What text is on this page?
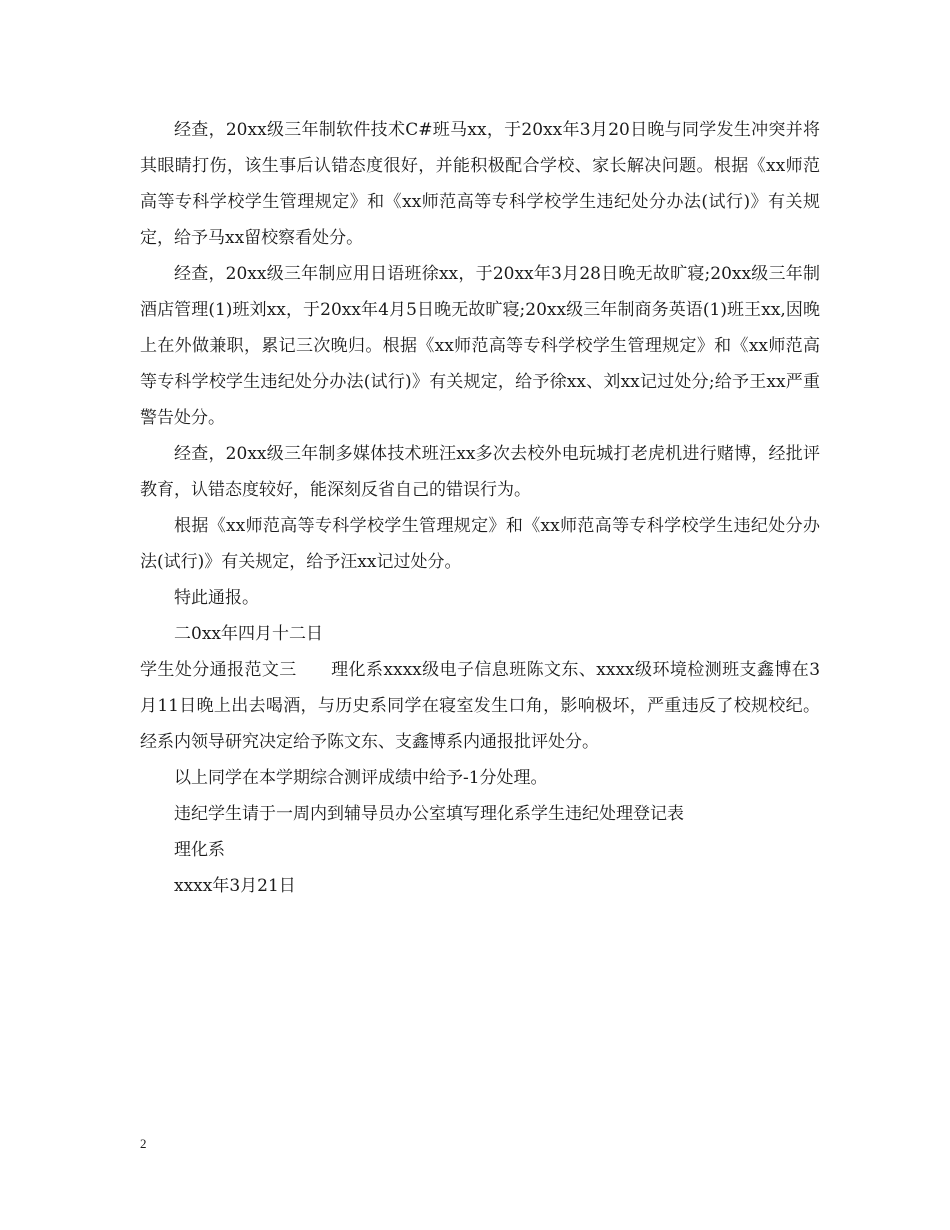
经查，20xx级三年制软件技术C#班马xx，于20xx年3月20日晚与同学发生冲突并将其眼睛打伤，该生事后认错态度很好，并能积极配合学校、家长解决问题。根据《xx师范高等专科学校学生管理规定》和《xx师范高等专科学校学生违纪处分办法(试行)》有关规定，给予马xx留校察看处分。

经查，20xx级三年制应用日语班徐xx，于20xx年3月28日晚无故旷寝;20xx级三年制酒店管理(1)班刘xx，于20xx年4月5日晚无故旷寝;20xx级三年制商务英语(1)班王xx,因晚上在外做兼职，累记三次晚归。根据《xx师范高等专科学校学生管理规定》和《xx师范高等专科学校学生违纪处分办法(试行)》有关规定，给予徐xx、刘xx记过处分;给予王xx严重警告处分。

经查，20xx级三年制多媒体技术班汪xx多次去校外电玩城打老虎机进行赌博，经批评教育，认错态度较好，能深刻反省自己的错误行为。

根据《xx师范高等专科学校学生管理规定》和《xx师范高等专科学校学生违纪处分办法(试行)》有关规定，给予汪xx记过处分。

特此通报。

二0xx年四月十二日

学生处分通报范文三 理化系xxxx级电子信息班陈文东、xxxx级环境检测班支鑫博在3月11日晚上出去喝酒，与历史系同学在寝室发生口角，影响极坏，严重违反了校规校纪。经系内领导研究决定给予陈文东、支鑫博系内通报批评处分。

以上同学在本学期综合测评成绩中给予-1分处理。

违纪学生请于一周内到辅导员办公室填写理化系学生违纪处理登记表

理化系

xxxx年3月21日

2
